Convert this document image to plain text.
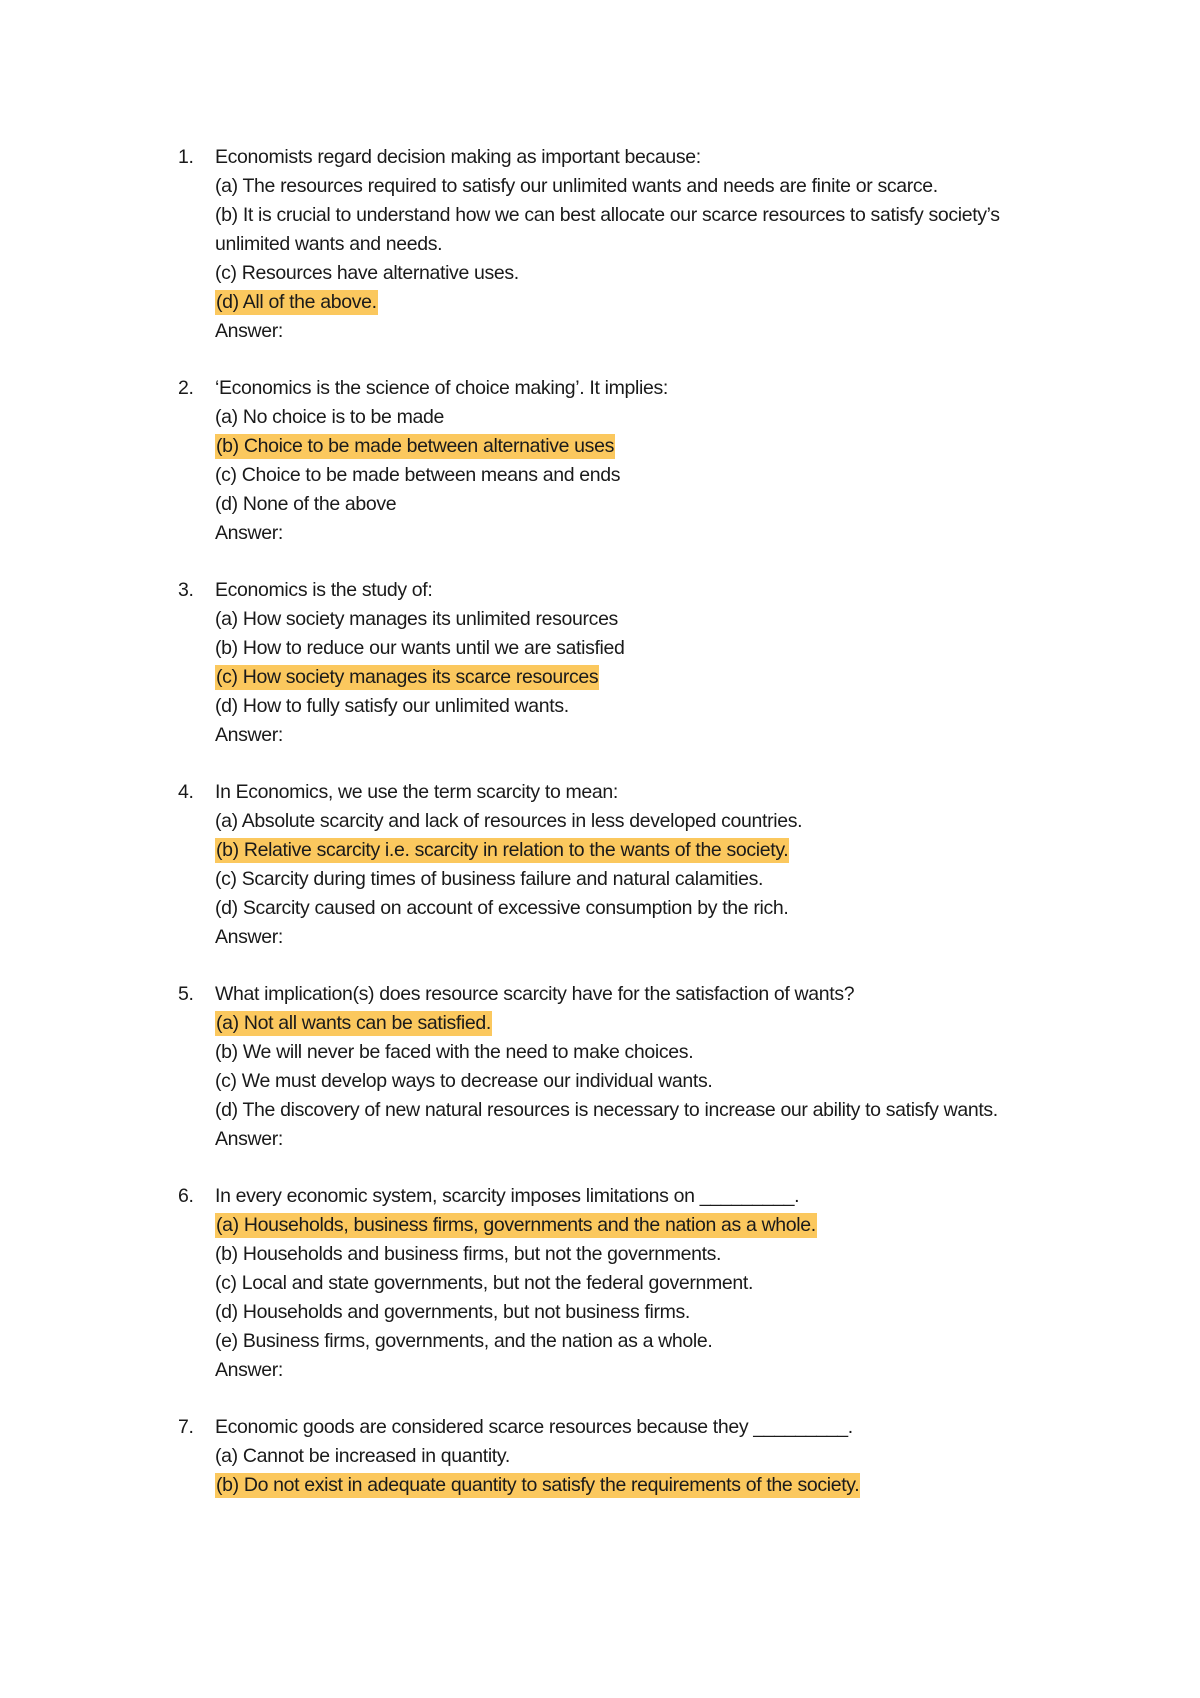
1. Economists regard decision making as important because:
(a) The resources required to satisfy our unlimited wants and needs are finite or scarce.
(b) It is crucial to understand how we can best allocate our scarce resources to satisfy society’s unlimited wants and needs.
(c) Resources have alternative uses.
(d) All of the above.
Answer:
2. ‘Economics is the science of choice making’. It implies:
(a) No choice is to be made
(b) Choice to be made between alternative uses
(c) Choice to be made between means and ends
(d) None of the above
Answer:
3. Economics is the study of:
(a) How society manages its unlimited resources
(b) How to reduce our wants until we are satisfied
(c) How society manages its scarce resources
(d) How to fully satisfy our unlimited wants.
Answer:
4. In Economics, we use the term scarcity to mean:
(a) Absolute scarcity and lack of resources in less developed countries.
(b) Relative scarcity i.e. scarcity in relation to the wants of the society.
(c) Scarcity during times of business failure and natural calamities.
(d) Scarcity caused on account of excessive consumption by the rich.
Answer:
5. What implication(s) does resource scarcity have for the satisfaction of wants?
(a) Not all wants can be satisfied.
(b) We will never be faced with the need to make choices.
(c) We must develop ways to decrease our individual wants.
(d) The discovery of new natural resources is necessary to increase our ability to satisfy wants.
Answer:
6. In every economic system, scarcity imposes limitations on _________.
(a) Households, business firms, governments and the nation as a whole.
(b) Households and business firms, but not the governments.
(c) Local and state governments, but not the federal government.
(d) Households and governments, but not business firms.
(e) Business firms, governments, and the nation as a whole.
Answer:
7. Economic goods are considered scarce resources because they _________.
(a) Cannot be increased in quantity.
(b) Do not exist in adequate quantity to satisfy the requirements of the society.
